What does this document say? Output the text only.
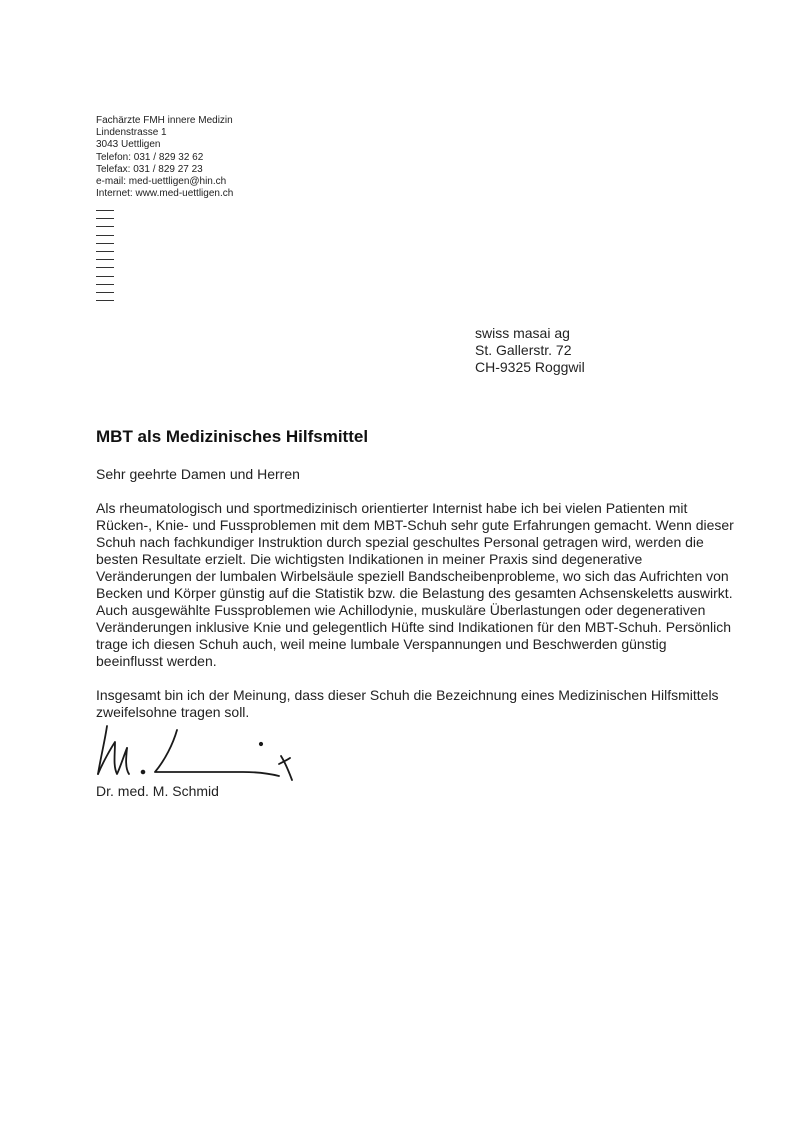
Fachärzte FMH innere Medizin
Lindenstrasse 1
3043 Uettligen
Telefon: 031 / 829 32 62
Telefax: 031 / 829 27 23
e-mail: med-uettligen@hin.ch
Internet: www.med-uettligen.ch
swiss masai ag
St. Gallerstr. 72
CH-9325 Roggwil
MBT als Medizinisches Hilfsmittel

Sehr geehrte Damen und Herren

Als rheumatologisch und sportmedizinisch orientierter Internist habe ich bei vielen Patienten mit Rücken-, Knie- und Fussproblemen mit dem MBT-Schuh sehr gute Erfahrungen gemacht. Wenn dieser Schuh nach fachkundiger Instruktion durch spezial geschultes Personal getragen wird, werden die besten Resultate erzielt. Die wichtigsten Indikationen in meiner Praxis sind degenerative Veränderungen der lumbalen Wirbelsäule speziell Bandscheibenprobleme, wo sich das Aufrichten von Becken und Körper günstig auf die Statistik bzw. die Belastung des gesamten Achsenskeletts auswirkt. Auch ausgewählte Fussproblemen wie Achillodynie, muskuläre Überlastungen oder degenerativen Veränderungen inklusive Knie und gelegentlich Hüfte sind Indikationen für den MBT-Schuh. Persönlich trage ich diesen Schuh auch, weil meine lumbale Verspannungen und Beschwerden günstig beeinflusst werden.

Insgesamt bin ich der Meinung, dass dieser Schuh die Bezeichnung eines Medizinischen Hilfsmittels zweifelsohne tragen soll.

Dr. med. M. Schmid
